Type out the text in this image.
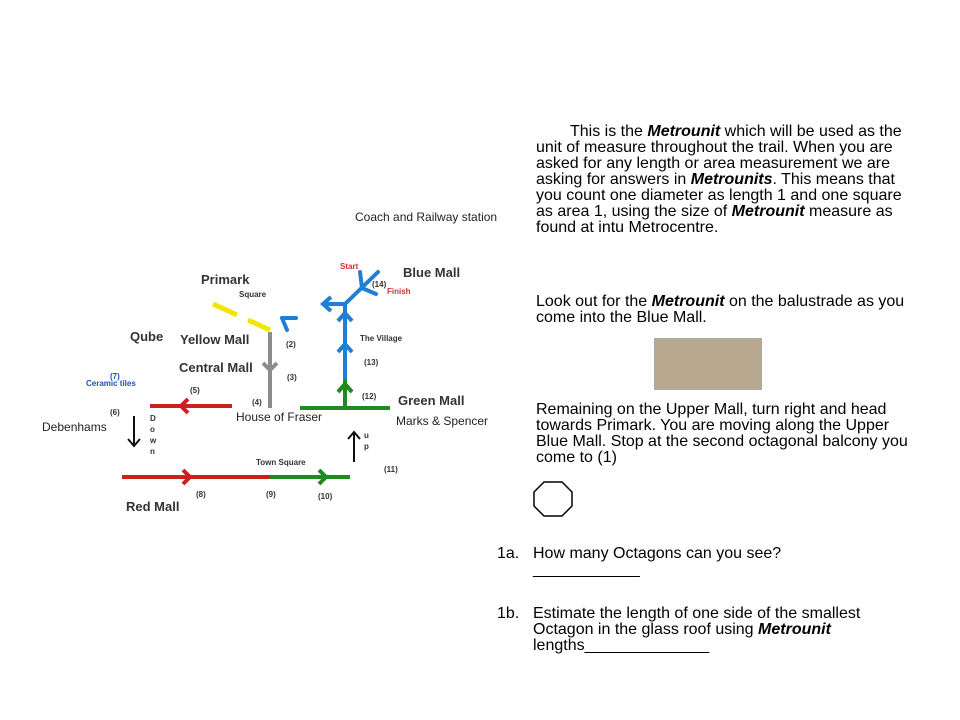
Coach and Railway station
Start
Finish
Blue Mall
Primark
Square
(14)
Qube Yellow Mall	The Village
(2)
Central Mall	(13)
(3)
(7)
Ceramic tiles
(5)
(12) Green Mall
(4)
(6)	House of Fraser	Marks & Spencer
Debenhams
D
o
w
n
u
p
Town Square
(11)
(8)	(9)	(10)
Red Mall
This is the Metrounit which will be used as the unit of measure throughout the trail. When you are asked for any length or area measurement we are asking for answers in Metrounits. This means that you count one diameter as length 1 and one square as area 1, using the size of Metrounit measure as found at intu Metrocentre.
Look out for the Metrounit on the balustrade as you come into the Blue Mall.
Remaining on the Upper Mall, turn right and head towards Primark. You are moving along the Upper Blue Mall. Stop at the second octagonal balcony you come to (1)
1a. How many Octagons can you see?____________
1b. Estimate the length of one side of the smallest Octagon in the glass roof using Metrounit lengths______________
